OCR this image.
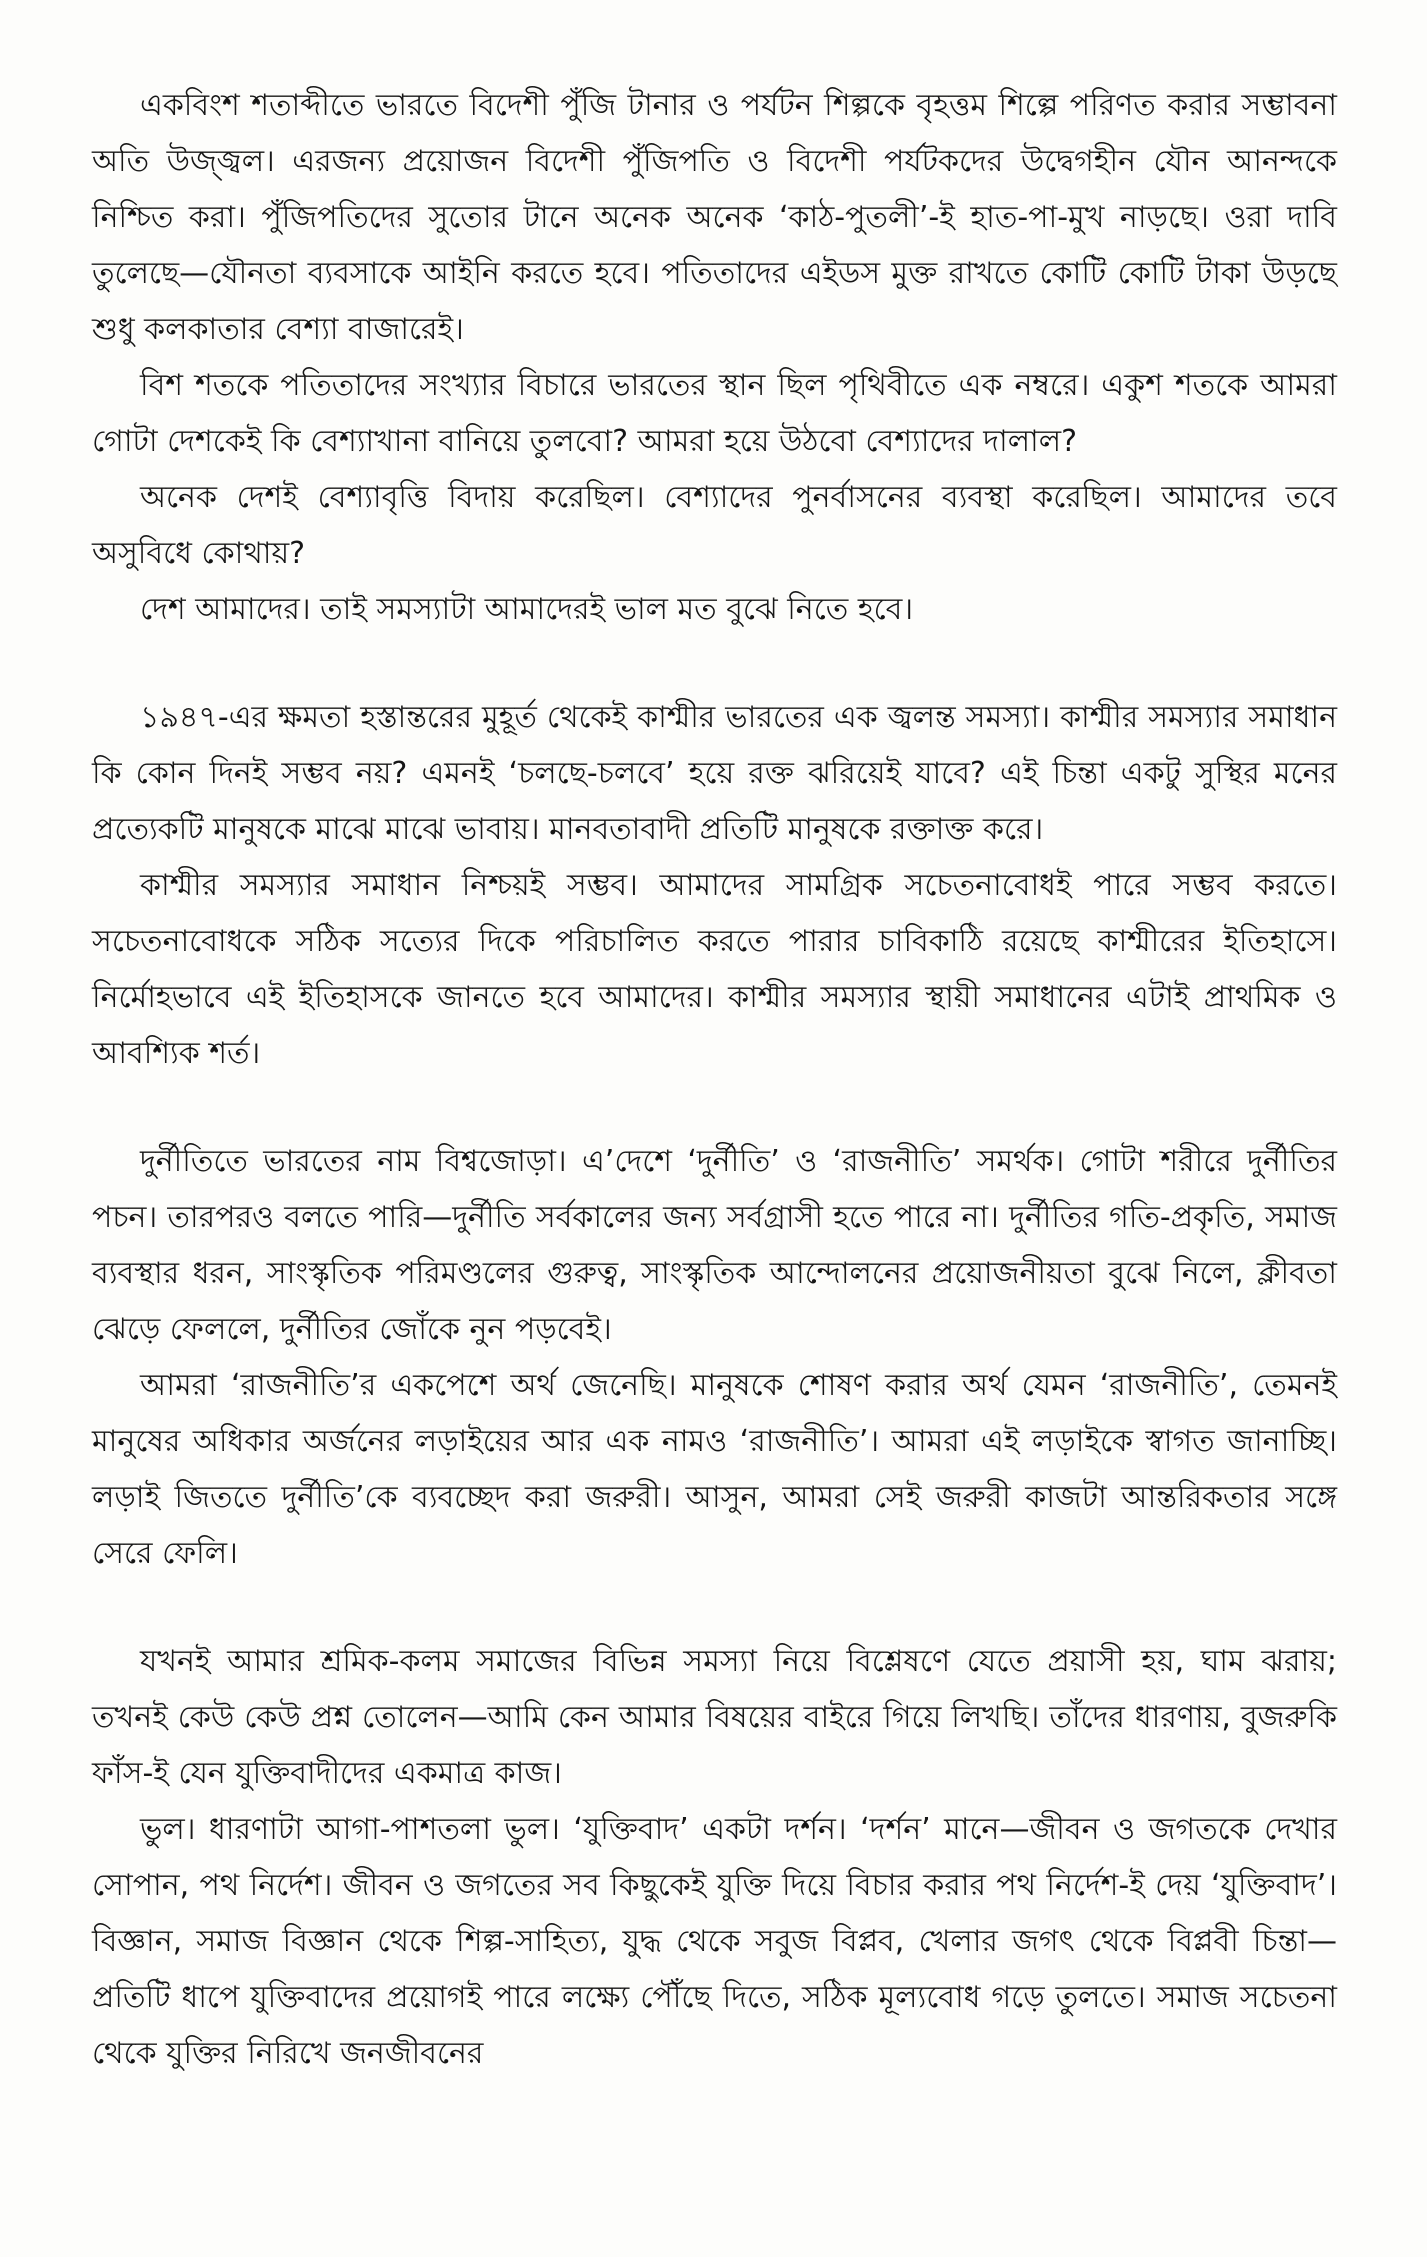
একবিংশ শতাব্দীতে ভারতে বিদেশী পুঁজি টানার ও পর্যটন শিল্পকে বৃহত্তম শিল্পে পরিণত করার সম্ভাবনা অতি উজ্জ্বল। এরজন্য প্রয়োজন বিদেশী পুঁজিপতি ও বিদেশী পর্যটকদের উদ্বেগহীন যৌন আনন্দকে নিশ্চিত করা। পুঁজিপতিদের সুতোর টানে অনেক অনেক ‘কাঠ-পুতলী’-ই হাত-পা-মুখ নাড়ছে। ওরা দাবি তুলেছে—যৌনতা ব্যবসাকে আইনি করতে হবে। পতিতাদের এইডস মুক্ত রাখতে কোটি কোটি টাকা উড়ছে শুধু কলকাতার বেশ্যা বাজারেই।

বিশ শতকে পতিতাদের সংখ্যার বিচারে ভারতের স্থান ছিল পৃথিবীতে এক নম্বরে। একুশ শতকে আমরা গোটা দেশকেই কি বেশ্যাখানা বানিয়ে তুলবো? আমরা হয়ে উঠবো বেশ্যাদের দালাল?

অনেক দেশই বেশ্যাবৃত্তি বিদায় করেছিল। বেশ্যাদের পুনর্বাসনের ব্যবস্থা করেছিল। আমাদের তবে অসুবিধে কোথায়?

দেশ আমাদের। তাই সমস্যাটা আমাদেরই ভাল মত বুঝে নিতে হবে।

১৯৪৭-এর ক্ষমতা হস্তান্তরের মুহূর্ত থেকেই কাশ্মীর ভারতের এক জ্বলন্ত সমস্যা। কাশ্মীর সমস্যার সমাধান কি কোন দিনই সম্ভব নয়? এমনই ‘চলছে-চলবে’ হয়ে রক্ত ঝরিয়েই যাবে? এই চিন্তা একটু সুস্থির মনের প্রত্যেকটি মানুষকে মাঝে মাঝে ভাবায়। মানবতাবাদী প্রতিটি মানুষকে রক্তাক্ত করে।

কাশ্মীর সমস্যার সমাধান নিশ্চয়ই সম্ভব। আমাদের সামগ্রিক সচেতনাবোধই পারে সম্ভব করতে। সচেতনাবোধকে সঠিক সত্যের দিকে পরিচালিত করতে পারার চাবিকাঠি রয়েছে কাশ্মীরের ইতিহাসে। নির্মোহভাবে এই ইতিহাসকে জানতে হবে আমাদের। কাশ্মীর সমস্যার স্থায়ী সমাধানের এটাই প্রাথমিক ও আবশ্যিক শর্ত।

দুর্নীতিতে ভারতের নাম বিশ্বজোড়া। এ’দেশে ‘দুর্নীতি’ ও ‘রাজনীতি’ সমর্থক। গোটা শরীরে দুর্নীতির পচন। তারপরও বলতে পারি—দুর্নীতি সর্বকালের জন্য সর্বগ্রাসী হতে পারে না। দুর্নীতির গতি-প্রকৃতি, সমাজ ব্যবস্থার ধরন, সাংস্কৃতিক পরিমণ্ডলের গুরুত্ব, সাংস্কৃতিক আন্দোলনের প্রয়োজনীয়তা বুঝে নিলে, ক্লীবতা ঝেড়ে ফেললে, দুর্নীতির জোঁকে নুন পড়বেই।

আমরা ‘রাজনীতি’র একপেশে অর্থ জেনেছি। মানুষকে শোষণ করার অর্থ যেমন ‘রাজনীতি’, তেমনই মানুষের অধিকার অর্জনের লড়াইয়ের আর এক নামও ‘রাজনীতি’। আমরা এই লড়াইকে স্বাগত জানাচ্ছি। লড়াই জিততে দুর্নীতি’কে ব্যবচ্ছেদ করা জরুরী। আসুন, আমরা সেই জরুরী কাজটা আন্তরিকতার সঙ্গে সেরে ফেলি।

যখনই আমার শ্রমিক-কলম সমাজের বিভিন্ন সমস্যা নিয়ে বিশ্লেষণে যেতে প্রয়াসী হয়, ঘাম ঝরায়; তখনই কেউ কেউ প্রশ্ন তোলেন—আমি কেন আমার বিষয়ের বাইরে গিয়ে লিখছি। তাঁদের ধারণায়, বুজরুকি ফাঁস-ই যেন যুক্তিবাদীদের একমাত্র কাজ।

ভুল। ধারণাটা আগা-পাশতলা ভুল। ‘যুক্তিবাদ’ একটা দর্শন। ‘দর্শন’ মানে—জীবন ও জগতকে দেখার সোপান, পথ নির্দেশ। জীবন ও জগতের সব কিছুকেই যুক্তি দিয়ে বিচার করার পথ নির্দেশ-ই দেয় ‘যুক্তিবাদ’। বিজ্ঞান, সমাজ বিজ্ঞান থেকে শিল্প-সাহিত্য, যুদ্ধ থেকে সবুজ বিপ্লব, খেলার জগৎ থেকে বিপ্লবী চিন্তা—প্রতিটি ধাপে যুক্তিবাদের প্রয়োগই পারে লক্ষ্যে পৌঁছে দিতে, সঠিক মূল্যবোধ গড়ে তুলতে। সমাজ সচেতনা থেকে যুক্তির নিরিখে জনজীবনের
